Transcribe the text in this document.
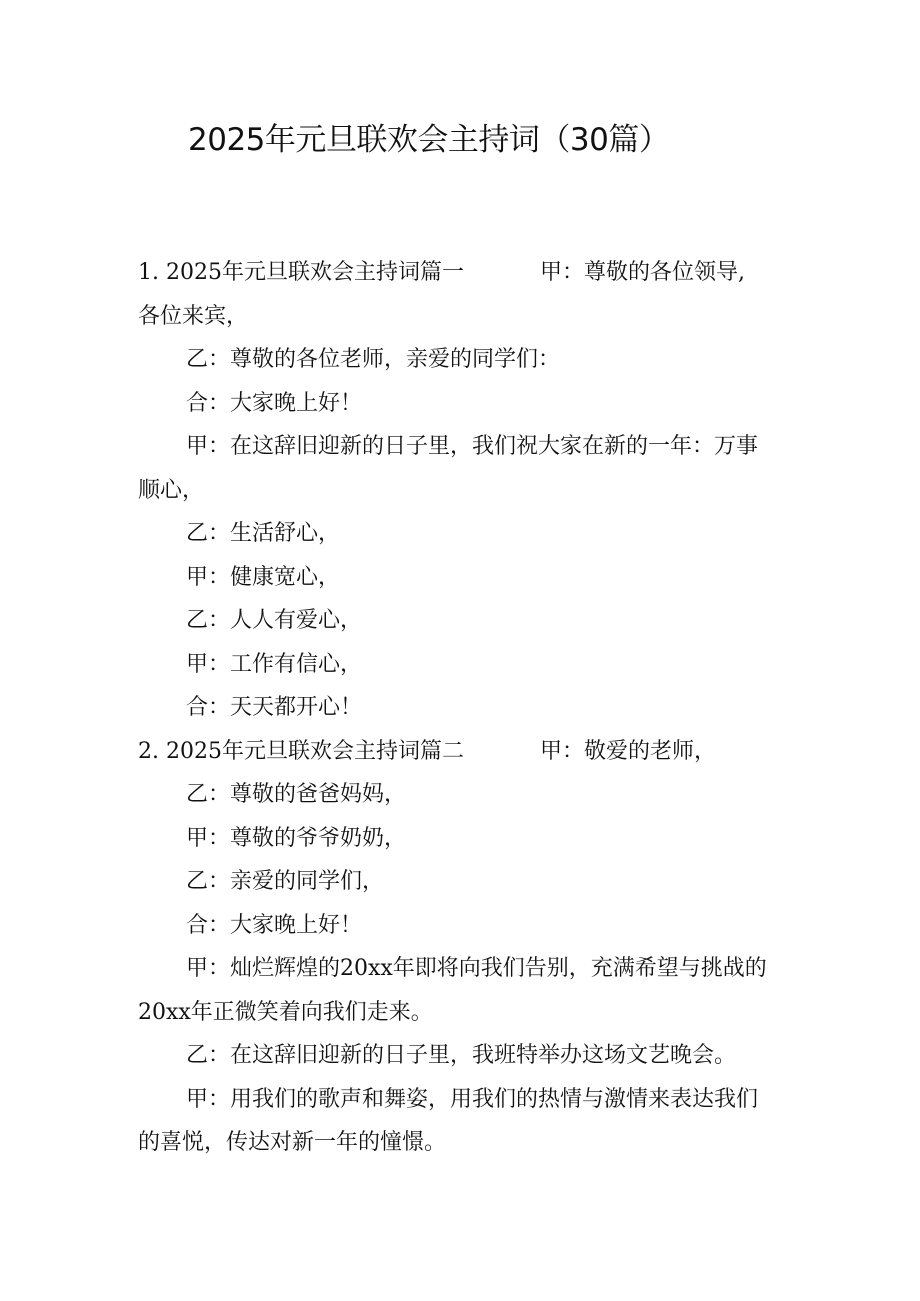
2025年元旦联欢会主持词（30篇）

1. 2025年元旦联欢会主持词篇一	甲：尊敬的各位领导,

各位来宾，

乙：尊敬的各位老师，亲爱的同学们：

合：大家晚上好！

甲：在这辞旧迎新的日子里，我们祝大家在新的一年：万事顺心，

乙：生活舒心，

甲：健康宽心，

乙：人人有爱心，

甲：工作有信心，

合：天天都开心！

2. 2025年元旦联欢会主持词篇二	甲：敬爱的老师，

乙：尊敬的爸爸妈妈，

甲：尊敬的爷爷奶奶，

乙：亲爱的同学们，

合：大家晚上好！

甲：灿烂辉煌的20xx年即将向我们告别，充满希望与挑战的20xx年正微笑着向我们走来。

乙：在这辞旧迎新的日子里，我班特举办这场文艺晚会。

甲：用我们的歌声和舞姿，用我们的热情与激情来表达我们的喜悦，传达对新一年的憧憬。
